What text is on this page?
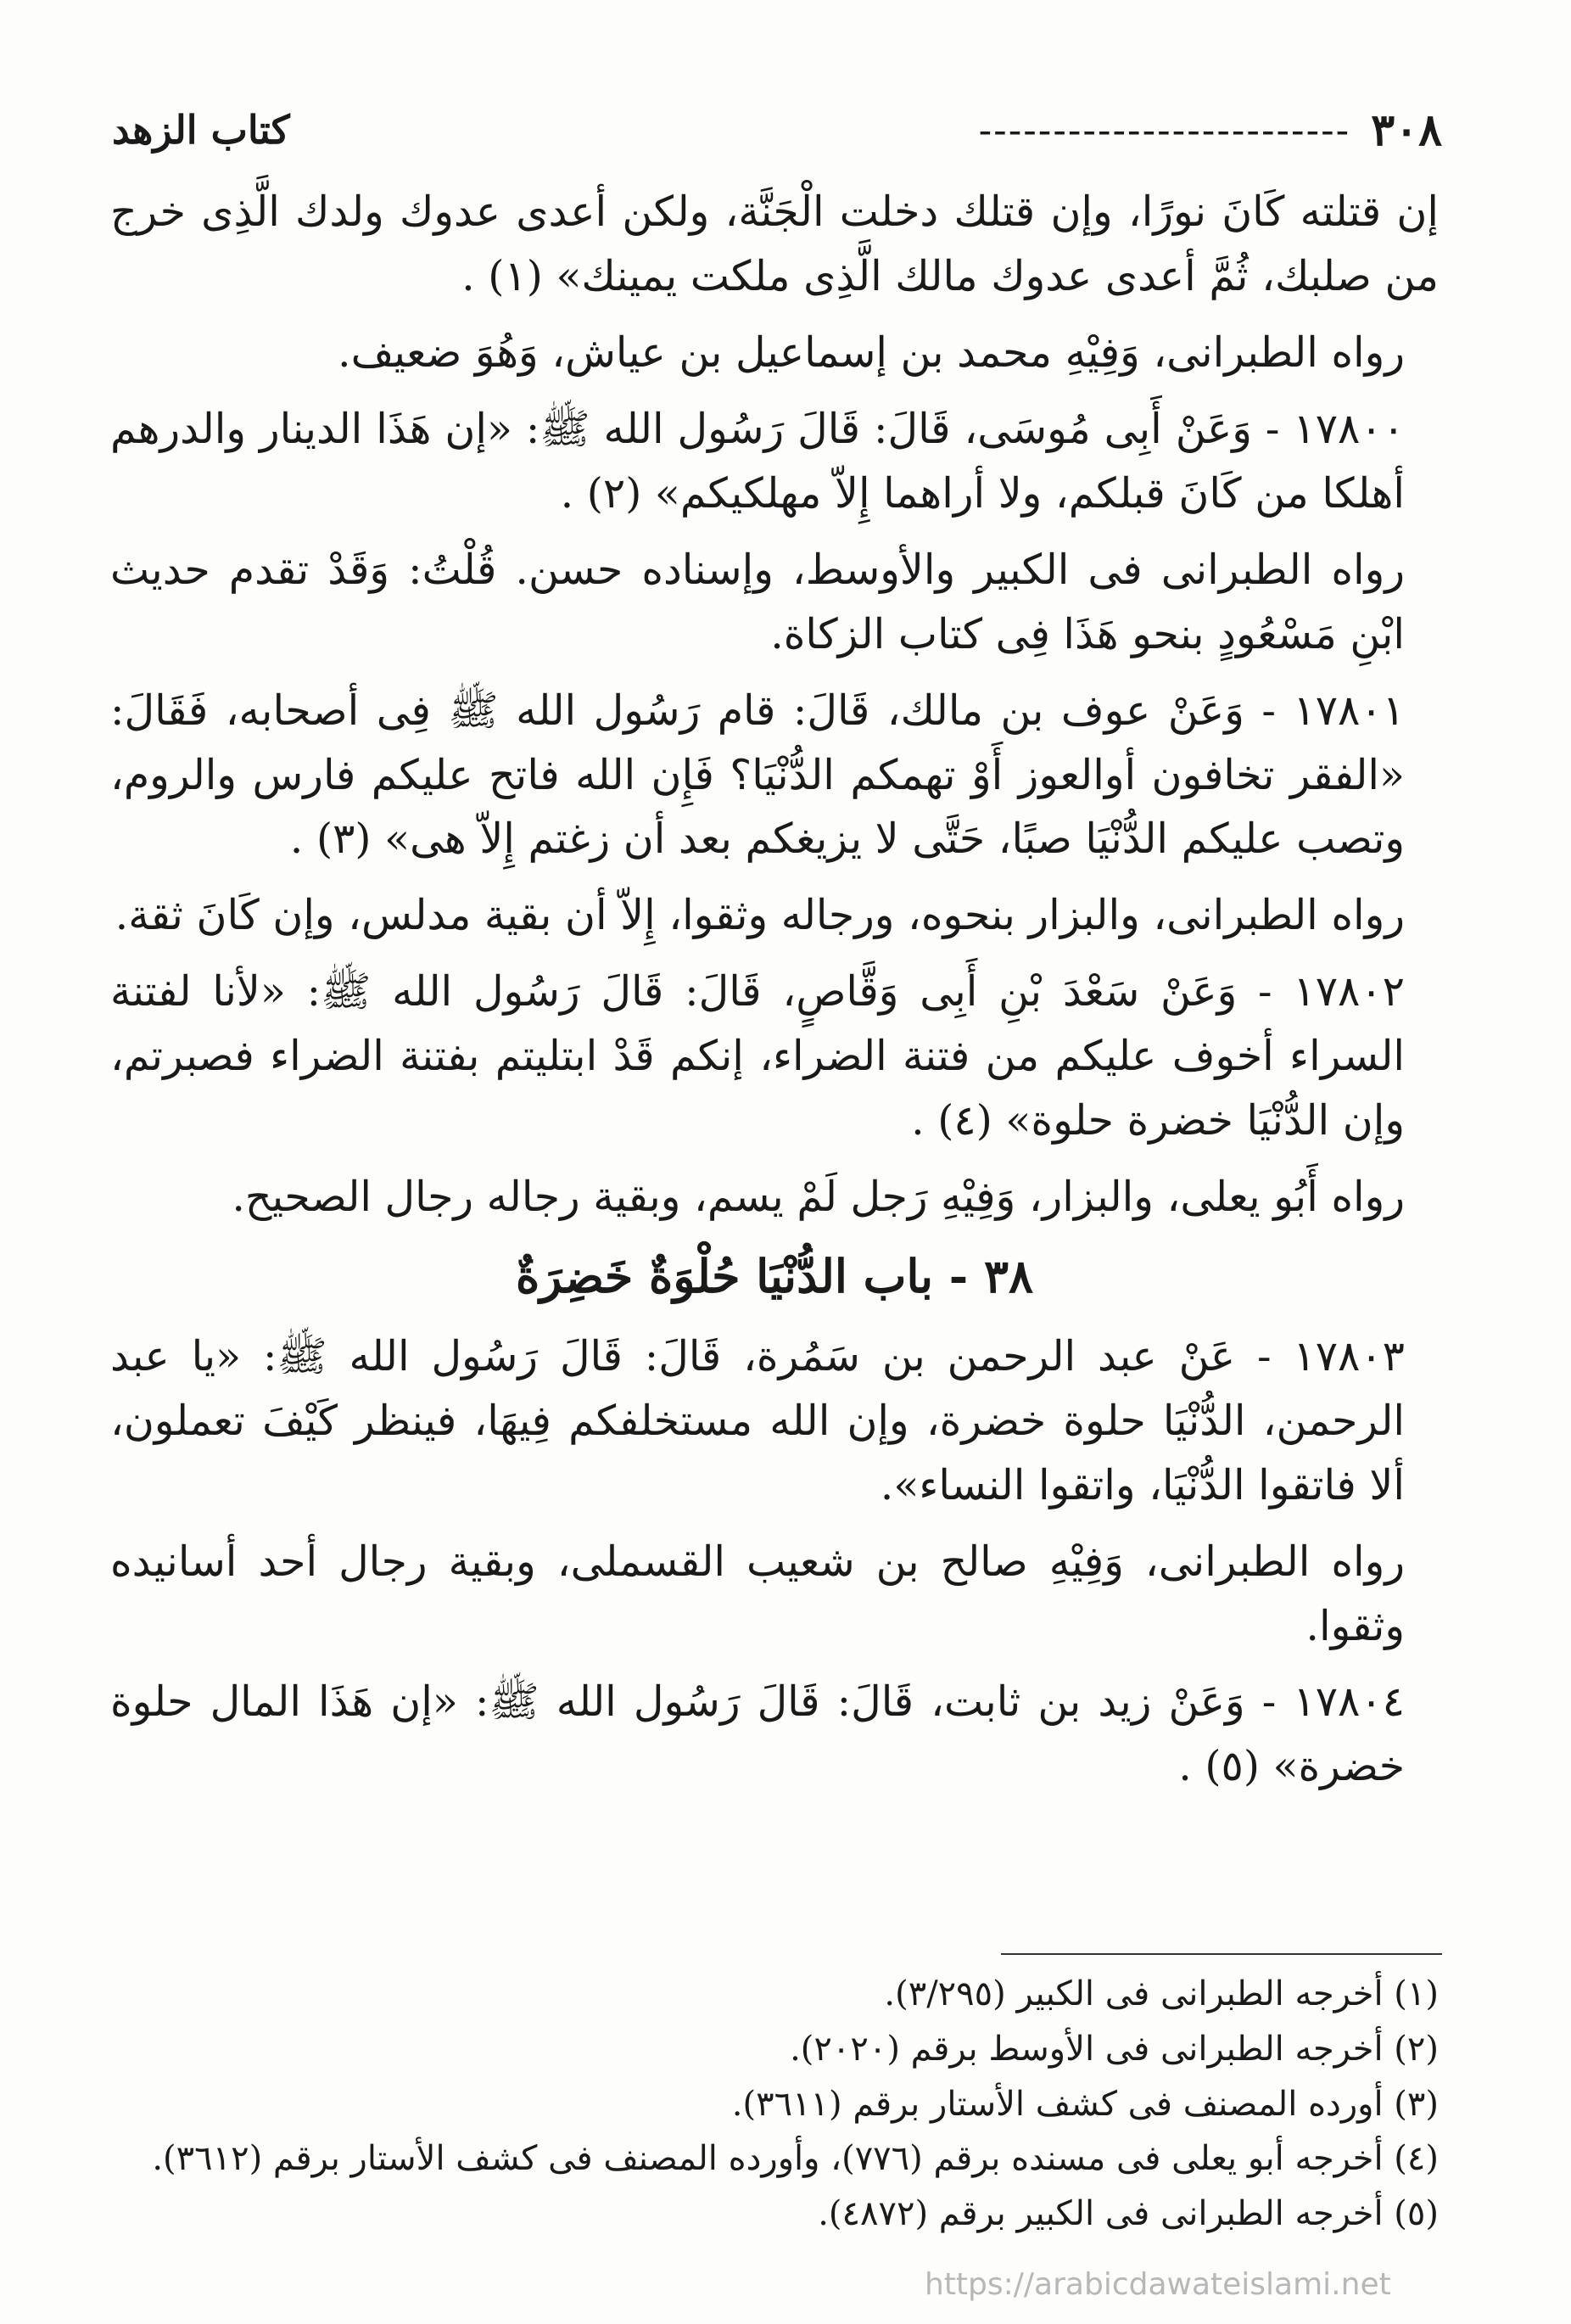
٣٠٨
-------------------------
كتاب الزهد

إن قتلته كَانَ نورًا، وإن قتلك دخلت الْجَنَّة، ولكن أعدى عدوك ولدك الَّذِى خرج من صلبك، ثُمَّ أعدى عدوك مالك الَّذِى ملكت يمينك» (١) .

رواه الطبرانى، وَفِيْهِ محمد بن إسماعيل بن عياش، وَهُوَ ضعيف.

١٧٨٠٠ - وَعَنْ أَبِى مُوسَى، قَالَ: قَالَ رَسُول الله ﷺ: «إن هَذَا الدينار والدرهم أهلكا من كَانَ قبلكم، ولا أراهما إِلاّ مهلكيكم» (٢) .

رواه الطبرانى فى الكبير والأوسط، وإسناده حسن. قُلْتُ: وَقَدْ تقدم حديث ابْنِ مَسْعُودٍ بنحو هَذَا فِى كتاب الزكاة.

١٧٨٠١ - وَعَنْ عوف بن مالك، قَالَ: قام رَسُول الله ﷺ فِى أصحابه، فَقَالَ: «الفقر تخافون أوالعوز أَوْ تهمكم الدُّنْيَا؟ فَإِن الله فاتح عليكم فارس والروم، وتصب عليكم الدُّنْيَا صبًا، حَتَّى لا يزيغكم بعد أن زغتم إِلاّ هى» (٣) .

رواه الطبرانى، والبزار بنحوه، ورجاله وثقوا، إِلاّ أن بقية مدلس، وإن كَانَ ثقة.

١٧٨٠٢ - وَعَنْ سَعْدَ بْنِ أَبِى وَقَّاصٍ، قَالَ: قَالَ رَسُول الله ﷺ: «لأنا لفتنة السراء أخوف عليكم من فتنة الضراء، إنكم قَدْ ابتليتم بفتنة الضراء فصبرتم، وإن الدُّنْيَا خضرة حلوة» (٤) .

رواه أَبُو يعلى، والبزار، وَفِيْهِ رَجل لَمْ يسم، وبقية رجاله رجال الصحيح.

٣٨ - باب الدُّنْيَا حُلْوَةٌ خَضِرَةٌ

١٧٨٠٣ - عَنْ عبد الرحمن بن سَمُرة، قَالَ: قَالَ رَسُول الله ﷺ: «يا عبد الرحمن، الدُّنْيَا حلوة خضرة، وإن الله مستخلفكم فِيهَا، فينظر كَيْفَ تعملون، ألا فاتقوا الدُّنْيَا، واتقوا النساء».

رواه الطبرانى، وَفِيْهِ صالح بن شعيب القسملى، وبقية رجال أحد أسانيده وثقوا.

١٧٨٠٤ - وَعَنْ زيد بن ثابت، قَالَ: قَالَ رَسُول الله ﷺ: «إن هَذَا المال حلوة خضرة» (٥) .

(١) أخرجه الطبرانى فى الكبير (٣/٢٩٥).
(٢) أخرجه الطبرانى فى الأوسط برقم (٢٠٢٠).
(٣) أورده المصنف فى كشف الأستار برقم (٣٦١١).
(٤) أخرجه أبو يعلى فى مسنده برقم (٧٧٦)، وأورده المصنف فى كشف الأستار برقم (٣٦١٢).
(٥) أخرجه الطبرانى فى الكبير برقم (٤٨٧٢).
https://arabicdawateislami.net
